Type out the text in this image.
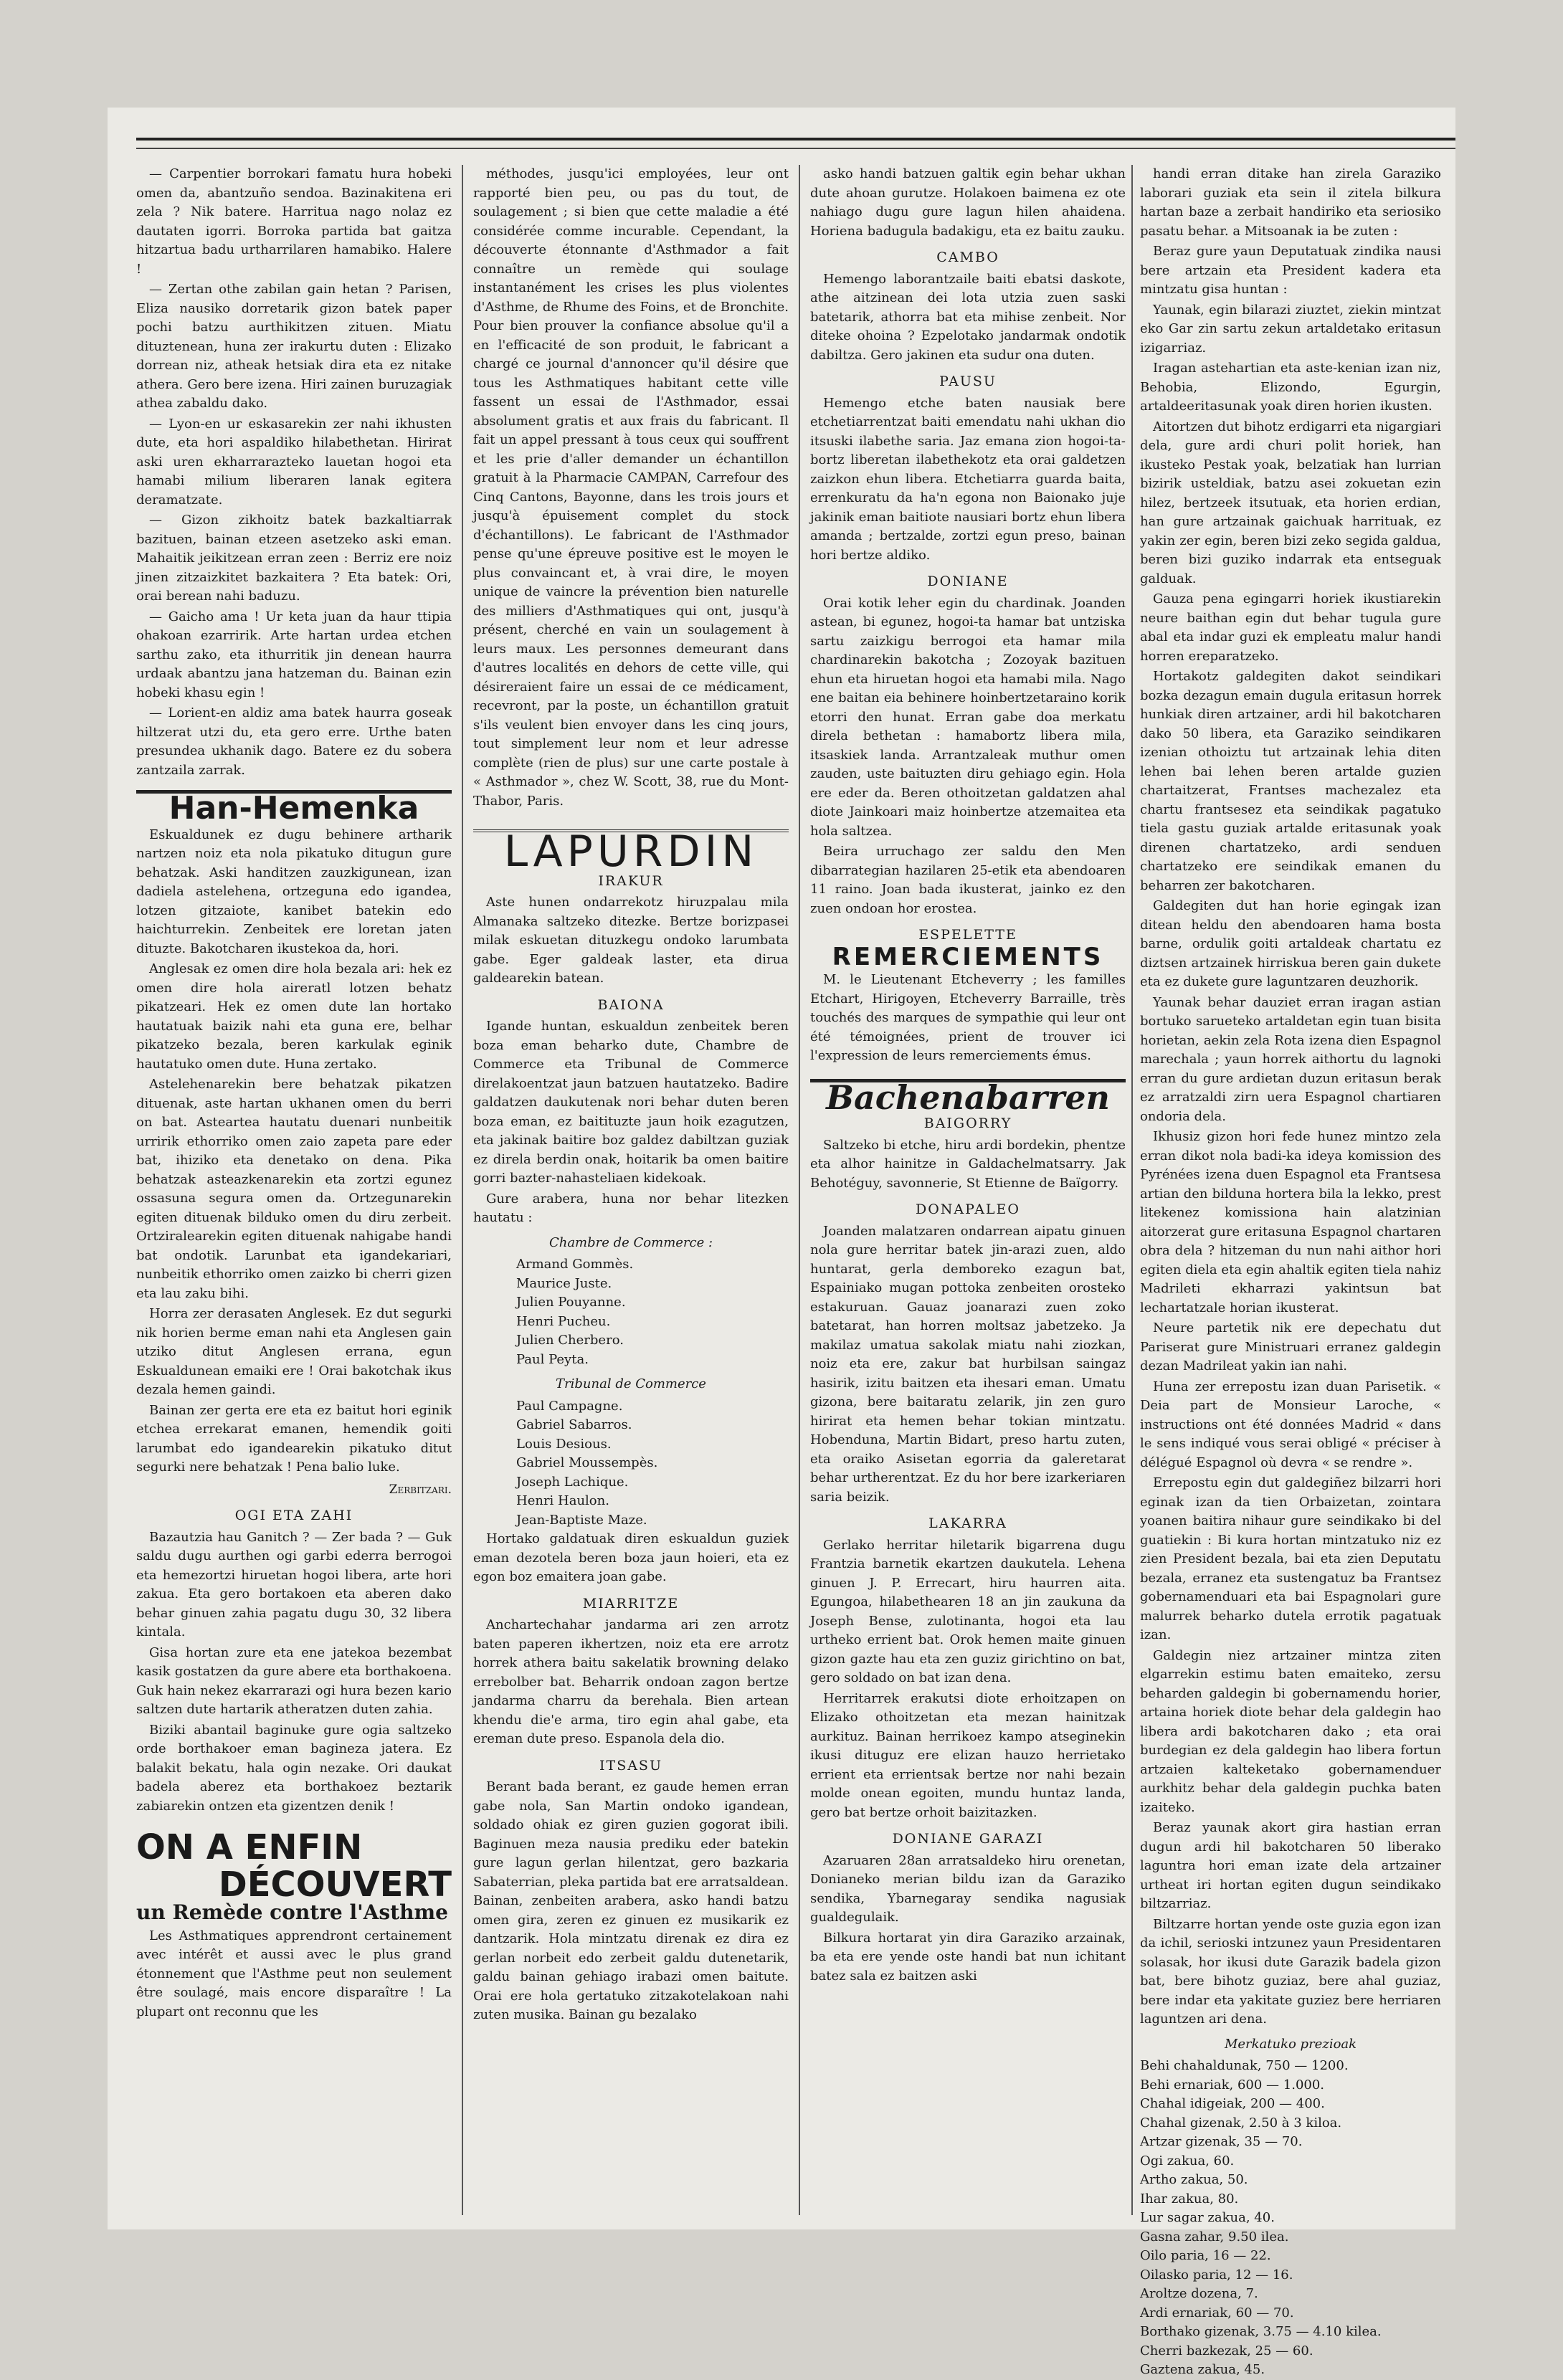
— Carpentier borrokari famatu hura hobeki omen da, abantzuño sendoa. Bazinakitena eri zela ? Nik batere. Harritua nago nolaz ez dautaten igorri. Borroka partida bat gaitza hitzartua badu urtharrilaren hamabiko. Halere !

— Zertan othe zabilan gain hetan ? Parisen, Eliza nausiko dorretarik gizon batek paper pochi batzu aurthikitzen zituen. Miatu dituztenean, huna zer irakurtu duten : Elizako dorrean niz, atheak hetsiak dira eta ez nitake athera. Gero bere izena. Hiri zainen buruzagiak athea zabaldu dako.

— Lyon-en ur eskasarekin zer nahi ikhusten dute, eta hori aspaldiko hilabethetan. Hirirat aski uren ekharrarazteko lauetan hogoi eta hamabi milium liberaren lanak egitera deramatzate.

— Gizon zikhoitz batek bazkaltiarrak bazituen, bainan etzeen asetzeko aski eman. Mahaitik jeikitzean erran zeen : Berriz ere noiz jinen zitzaizkitet bazkaitera ? Eta batek: Ori, orai berean nahi baduzu.

— Gaicho ama ! Ur keta juan da haur ttipia ohakoan ezarririk. Arte hartan urdea etchen sarthu zako, eta ithurritik jin denean haurra urdaak abantzu jana hatzeman du. Bainan ezin hobeki khasu egin !

— Lorient-en aldiz ama batek haurra goseak hiltzerat utzi du, eta gero erre. Urthe baten presundea ukhanik dago. Batere ez du sobera zantzaila zarrak.

Han-Hemenka

Eskualdunek ez dugu behinere artharik nartzen noiz eta nola pikatuko ditugun gure behatzak. Aski handitzen zauzkigunean, izan dadiela astelehena, ortzeguna edo igandea, lotzen gitzaiote, kanibet batekin edo haichturrekin. Zenbeitek ere loretan jaten dituzte. Bakotcharen ikustekoa da, hori.

Anglesak ez omen dire hola bezala ari: hek ez omen dire hola aireratl lotzen behatz pikatzeari. Hek ez omen dute lan hortako hautatuak baizik nahi eta guna ere, belhar pikatzeko bezala, beren karkulak eginik hautatuko omen dute. Huna zertako.

Astelehenarekin bere behatzak pikatzen dituenak, aste hartan ukhanen omen du berri on bat. Astearteа hautatu duenari nunbeitik urririk ethorriko omen zaio zapeta pare eder bat, ihiziko eta denetako on dena. Pika behatzak asteazkenarekin eta zortzi egunez ossasuna segura omen da. Ortzegunarekin egiten dituenak bilduko omen du diru zerbeit. Ortziralearekin egiten dituenak nahigabe handi bat ondotik. Larunbat eta igandekariari, nunbeitik ethorriko omen zaizko bi cherri gizen eta lau zaku bihi.

Horra zer derasaten Anglesek. Ez dut segurki nik horien berme eman nahi eta Anglesen gain utziko ditut Anglesen errana, egun Eskualdunean emaiki ere ! Orai bakotchak ikus dezala hemen gaindi.

Bainan zer gerta ere eta ez baitut hori eginik etchea errekarat emanen, hemendik goiti larumbat edo igandearekin pikatuko ditut segurki nere behatzak ! Pena balio luke.

Zerbitzari.
OGI ETA ZAHI

Bazautzia hau Ganitch ? — Zer bada ? — Guk saldu dugu aurthen ogi garbi ederra berrogoi eta hemezortzi hiruetan hogoi libera, arte hori zakua. Eta gero bortakoen eta aberen dako behar ginuen zahia pagatu dugu 30, 32 libera kintala.

Gisa hortan zure eta ene jatekoa bezembat kasik gostatzen da gure abere eta borthakoena. Guk hain nekez ekarrarazi ogi hura bezen kario saltzen dute hartarik atheratzen duten zahia.

Biziki abantail baginuke gure ogia saltzeko orde borthakoer eman bagineza jatera. Ez balakit bekatu, hala ogin nezake. Ori daukat badela aberez eta borthakoez beztarik zabiarekin ontzen eta gizentzen denik !

ON A ENFIN
DÉCOUVERT
un Remède contre l'Asthme

Les Asthmatiques apprendront certainement avec intérêt et aussi avec le plus grand étonnement que l'Asthme peut non seulement être soulagé, mais encore disparaître ! La plupart ont reconnu que les

méthodes, jusqu'ici employées, leur ont rapporté bien peu, ou pas du tout, de soulagement ; si bien que cette maladie a été considérée comme incurable. Cependant, la découverte étonnante d'Asthmador a fait connaître un remède qui soulage instantanément les crises les plus violentes d'Asthme, de Rhume des Foins, et de Bronchite. Pour bien prouver la confiance absolue qu'il a en l'efficacité de son produit, le fabricant a chargé ce journal d'annoncer qu'il désire que tous les Asthmatiques habitant cette ville fassent un essai de l'Asthmador, essai absolument gratis et aux frais du fabricant. Il fait un appel pressant à tous ceux qui souffrent et les prie d'aller demander un échantillon gratuit à la Pharmacie CAMPAN, Carrefour des Cinq Cantons, Bayonne, dans les trois jours et jusqu'à épuisement complet du stock d'échantillons). Le fabricant de l'Asthmador pense qu'une épreuve positive est le moyen le plus convaincant et, à vrai dire, le moyen unique de vaincre la prévention bien naturelle des milliers d'Asthmatiques qui ont, jusqu'à présent, cherché en vain un soulagement à leurs maux. Les personnes demeurant dans d'autres localités en dehors de cette ville, qui désireraient faire un essai de ce médicament, recevront, par la poste, un échantillon gratuit s'ils veulent bien envoyer dans les cinq jours, tout simplement leur nom et leur adresse complète (rien de plus) sur une carte postale à « Asthmador », chez W. Scott, 38, rue du Mont-Thabor, Paris.

LAPURDIN
IRAKUR

Aste hunen ondarrekotz hiruzpalau mila Almanaka saltzeko ditezke. Bertze borizpasei milak eskuetan dituzkegu ondoko larumbata gabe. Eger galdeak laster, eta dirua galdearekin batean.

BAIONA

Igande huntan, eskualdun zenbeitek beren boza eman beharko dute, Chambre de Commerce eta Tribunal de Commerce direlakoentzat jaun batzuen hautatzeko. Badire galdatzen daukutenak nori behar duten beren boza eman, ez baitituzte jaun hoik ezagutzen, eta jakinak baitire boz galdez dabiltzan guziak ez direla berdin onak, hoitarik ba omen baitire gorri bazter-nahasteliaen kidekoak.

Gure arabera, huna nor behar litezken hautatu :

Chambre de Commerce :

Armand Gommès.

Maurice Juste.

Julien Pouyanne.

Henri Pucheu.

Julien Cherbero.

Paul Peyta.

Tribunal de Commerce

Paul Campagne.

Gabriel Sabarros.

Louis Desious.

Gabriel Moussempès.

Joseph Lachique.

Henri Haulon.

Jean-Baptiste Maze.

Hortako galdatuak diren eskualdun guziek eman dezotela beren boza jaun hoieri, eta ez egon boz emaitera joan gabe.

MIARRITZE

Anchartechahar jandarma ari zen arrotz baten paperen ikhertzen, noiz eta ere arrotz horrek athera baitu sakelatik browning delako errebolber bat. Beharrik ondoan zagon bertze jandarma charru da berehala. Bien artean khendu die'e arma, tiro egin ahal gabe, eta ereman dute preso. Espanola dela dio.

ITSASU

Berant bada berant, ez gaude hemen erran gabe nola, San Martin ondoko igandean, soldado ohiak ez giren guzien gogorat ibili. Baginuen meza nausia prediku eder batekin gure lagun gerlan hilentzat, gero bazkaria Sabaterrian, pleka partida bat ere arratsaldean. Bainan, zenbeiten arabera, asko handi batzu omen gira, zeren ez ginuen ez musikarik ez dantzarik. Hola mintzatu direnak ez dira ez gerlan norbeit edo zerbeit galdu dutenetarik, galdu bainan gehiago irabazi omen baitute. Orai ere hola gertatuko zitzakotelakoan nahi zuten musika. Bainan gu bezalako

asko handi batzuen galtik egin behar ukhan dute ahoan gurutze. Holakoen baimena ez ote nahiago dugu gure lagun hilen ahaidena. Horiena badugula badakigu, eta ez baitu zauku.

CAMBO

Hemengo laborantzaile baiti ebatsi daskote, athe aitzinean dei lota utzia zuen saski batetarik, athorra bat eta mihise zenbeit. Nor ditekе ohoina ? Ezpelotako jandarmak ondotik dabiltza. Gero jakinen eta sudur ona duten.

PAUSU

Hemengo etche baten nausiak bere etchetiarrentzat baiti emendatu nahi ukhan dio itsuski ilabethe saria. Jaz emana zion hogoi-ta-bortz liberetan ilabethekotz eta orai galdetzen zaizkon ehun libera. Etchetiarra guarda baita, errenkuratu da ha'n egona non Baionako juje jakinik eman baitiote nausiari bortz ehun libera amanda ; bertzalde, zortzi egun preso, bainan hori bertze aldiko.

DONIANE

Orai kotik leher egin du chardinak. Joanden astean, bi egunez, hogoi-ta hamar bat untziska sartu zaizkigu berrogoi eta hamar mila chardinarekin bakotcha ; Zozoyak bazituen ehun eta hiruetan hogoi eta hamabi mila. Nago ene baitan eia behinere hoinbertzetaraino korik etorri den hunat. Erran gabe doa merkatu direla bethetan : hamabortz libera mila, itsaskiek landa. Arrantzaleak muthur omen zauden, uste baituzten diru gehiago egin. Hola ere eder da. Beren othoitzetan galdatzen ahal diote Jainkoari maiz hoinbertze atzemaitea eta hola saltzea.

Beira urruchago zer saldu den Men dibarrategian hazilaren 25-etik eta abendoaren 11 raino. Joan bada ikusterat, jainko ez den zuen ondoan hor erostea.

ESPELETTE
REMERCIEMENTS

M. le Lieutenant Etcheverry ; les familles Etchart, Hirigoyen, Etcheverry Barraille, très touchés des marques de sympathie qui leur ont été témoignées, prient de trouver ici l'expression de leurs remerciements émus.

Bachenabarren
BAIGORRY

Saltzeko bi etche, hiru ardi bordekin, phentze eta alhor hainitze in Galdachelmatsarry. Jak Behotéguy, savonnerie, St Etienne de Baïgorry.

DONAPALEO

Joanden malatzaren ondarrean aipatu ginuen nola gure herritar batek jin-arazi zuen, aldo huntarat, gerla demboreko ezagun bat, Espainiako mugan pottoka zenbeiten orosteko estakuruan. Gauaz joanarazi zuen zoko batetarat, han horren moltsaz jabetzeko. Ja makilaz umatua sakolak miatu nahi ziozkan, noiz eta ere, zakur bat hurbilsan saingaz hasirik, izitu baitzen eta ihesari eman. Umatu gizona, bere baitaratu zelarik, jin zen guro hirirat eta hemen behar tokian mintzatu. Hobenduna, Martin Bidart, preso hartu zuten, eta oraiko Asisetan egorria da galeretarat behar urtherentzat. Ez du hor bere izarkeriaren saria beizik.

LAKARRA

Gerlako herritar hiletarik bigarrena dugu Frantzia barnetik ekartzen daukutela. Lehena ginuen J. P. Errecart, hiru haurren aita. Egungoa, hilabethearen 18 an jin zaukuna da Joseph Bense, zulotinanta, hogoi eta lau urtheko errient bat. Orok hemen maite ginuen gizon gazte hau eta zen guziz girichtino on bat, gero soldado on bat izan dena.

Herritarrek erakutsi diote erhoitzapen on Elizako othoitzetan eta mezan hainitzak aurkituz. Bainan herrikoez kampo atseginekin ikusi dituguz ere elizan hauzo herrietako errient eta errientsak bertze nor nahi bezain molde onean egoiten, mundu huntaz landa, gero bat bertze orhoit baizitazken.

DONIANE GARAZI

Azaruaren 28an arratsaldeko hiru orenetan, Donianeko merian bildu izan da Garaziko sendika, Ybarnegaray sendika nagusiak gualdegulaik.

Bilkura hortarat yin dira Garaziko arzainak, ba eta ere yende oste handi bat nun ichitant batez sala ez baitzen aski

handi erran ditake han zirela Garaziko laborari guziak eta sein il zitela bilkura hartan baze a zerbait handiriko eta seriosiko pasatu behar. a Mitsoanak ia be zuten :

Beraz gure yaun Deputatuak zindika nausi bere artzain eta President kadera eta mintzatu gisa huntan :

Yaunak, egin bilarazi ziuztet, ziekin mintzat eko Gar zin sartu zekun artaldetako eritasun izigarriaz.

Iragan astehartian eta aste-kenian izan niz, Behobia, Elizondo, Egurgin, artaldeeritasunak yoak diren horien ikusten.

Aitortzen dut bihotz erdigarri eta nigargiari dela, gure ardi churi polit horiek, han ikusteko Pestak yoak, belzatiak han lurrian bizirik usteldiak, batzu asei zokuetan ezin hilez, bertzeek itsutuak, eta horien erdian, han gure artzainak gaichuak harrituak, ez yakin zer egin, beren bizi zeko segida galdua, beren bizi guziko indarrak eta entseguak galduak.

Gauza pena egingarri horiek ikustiarekin neure baithan egin dut behar tugula gure abal eta indar guzi ek empleatu malur handi horren ereparatzeko.

Hortakotz galdegiten dakot seindikari bozka dezagun emain dugula eritasun horrek hunkiak diren artzainer, ardi hil bakotcharen dako 50 libera, eta Garaziko seindikaren izenian othoiztu tut artzainak lehia diten lehen bai lehen beren artalde guzien chartaitzerat, Frantses machezalez eta chartu frantsesez eta seindikak pagatuko tiela gastu guziak artalde eritasunak yoak direnen chartatzeko, ardi senduen chartatzeko ere seindikak emanen du beharren zer bakotcharen.

Galdegiten dut han horie egingak izan ditean heldu den abendoaren hama bosta barne, ordulik goiti artaldeak chartatu ez diztsen artzainek hirriskua beren gain dukete eta ez dukete gure laguntzaren deuzhorik.

Yaunak behar dauziet erran iragan astian bortuko sarueteko artaldetan egin tuan bisita horietan, aekin zela Rota izena dien Espagnol marechala ; yaun horrek aithortu du lagnoki erran du gure ardietan duzun eritasun berak ez arratzaldi zirn uera Espagnol chartiaren ondoria dela.

Ikhusiz gizon hori fede hunez mintzo zela erran dikot nola badi-ka ideya komission des Pyrénées izena duen Espagnol eta Frantsesa artian den bilduna hortera bila la lekko, prest litekenez komissiona hain alatzinian aitorzerat gure eritasuna Espagnol chartaren obra dela ? hitzeman du nun nahi aithor hori egiten diela eta egin ahaltik egiten tiela nahiz Madrileti ekharrazi yakintsun bat lechartatzale horian ikusterat.

Neure partetik nik ere depechatu dut Pariserat gure Ministruari erranez galdegin dezan Madrileat yakin ian nahi.

Huna zer errepostu izan duan Parisetik. « Deia part de Monsieur Laroche, « instructions ont été données Madrid « dans le sens indiqué vous serai obligé « préciser à délégué Espagnol où devra « se rendre ».

Errepostu egin dut galdegiñez bilzarri hori eginak izan da tien Orbaizetan, zointara yoanen baitira nihaur gure seindikako bi del guatiekin : Bi kura hortan mintzatuko niz ez zien President bezala, bai eta zien Deputatu bezala, erranez eta sustengatuz ba Frantsez gobernamenduari eta bai Espagnolari gure malurrek beharko dutela errotik pagatuak izan.

Galdegin niez artzainer mintza ziten elgarrekin estimu baten emaiteko, zersu beharden galdegin bi gobernamendu horier, artaina horiek diote behar dela galdegin hao libera ardi bakotcharen dako ; eta orai burdegian ez dela galdegin hao libera fortun artzaien kalteketako gobernamenduer aurkhitz behar dela galdegin puchka baten izaiteko.

Beraz yaunak akort gira hastian erran dugun ardi hil bakotcharen 50 liberako laguntra hori eman izate dela artzainer urtheat iri hortan egiten dugun seindikako biltzarriaz.

Biltzarre hortan yende oste guzia egon izan da ichil, serioski intzunez yaun Presidentaren solasak, hor ikusi dute Garazik badela gizon bat, bere bihotz guziaz, bere ahal guziaz, bere indar eta yakitate guziez bere herriaren laguntzen ari dena.

Merkatuko prezioak

Behi chahaldunak, 750 — 1200.

Behi ernariak, 600 — 1.000.

Chahal idigeiak, 200 — 400.

Chahal gizenak, 2.50 à 3 kiloa.

Artzar gizenak, 35 — 70.

Ogi zakua, 60.

Artho zakua, 50.

Ihar zakua, 80.

Lur sagar zakua, 40.

Gasna zahar, 9.50 ilea.

Oilo paria, 16 — 22.

Oilasko paria, 12 — 16.

Aroltze dozena, 7.

Ardi ernariak, 60 — 70.

Borthako gizenak, 3.75 — 4.10 kilea.

Cherri bazkezak, 25 — 60.

Gaztena zakua, 45.
